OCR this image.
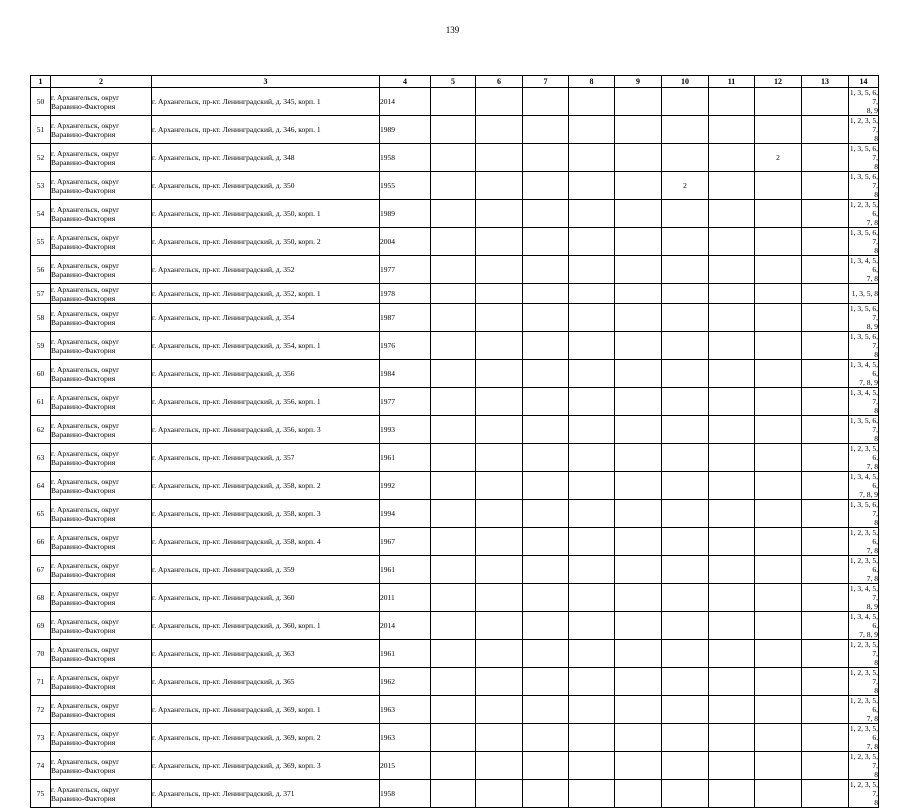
139
1	2	3	4	5	6	7	8	9	10	11	12	13	14
50	г. Архангельск, округ
Варавино-Фактория	г. Архангельск, пр-кт. Ленинградский, д. 345, корп. 1	2014										1, 3, 5, 6, 7,
8, 9

51	г. Архангельск, округ
Варавино-Фактория	г. Архангельск, пр-кт. Ленинградский, д. 346, корп. 1	1989										1, 2, 3, 5, 7,
8

52	г. Архангельск, округ
Варавино-Фактория	г. Архангельск, пр-кт. Ленинградский, д. 348	1958								2		1, 3, 5, 6, 7,
8

53	г. Архангельск, округ
Варавино-Фактория	г. Архангельск, пр-кт. Ленинградский, д. 350	1955						2				1, 3, 5, 6, 7,
8

54	г. Архангельск, округ
Варавино-Фактория	г. Архангельск, пр-кт. Ленинградский, д. 350, корп. 1	1989										1, 2, 3, 5, 6,
7, 8

55	г. Архангельск, округ
Варавино-Фактория	г. Архангельск, пр-кт. Ленинградский, д. 350, корп. 2	2004										1, 3, 5, 6, 7,
8

56	г. Архангельск, округ
Варавино-Фактория	г. Архангельск, пр-кт. Ленинградский, д. 352	1977										1, 3, 4, 5, 6,
7, 8

57	г. Архангельск, округ
Варавино-Фактория	г. Архангельск, пр-кт. Ленинградский, д. 352, корп. 1	1978										1, 3, 5, 8

58	г. Архангельск, округ
Варавино-Фактория	г. Архангельск, пр-кт. Ленинградский, д. 354	1987										1, 3, 5, 6, 7,
8, 9

59	г. Архангельск, округ
Варавино-Фактория	г. Архангельск, пр-кт. Ленинградский, д. 354, корп. 1	1976										1, 3, 5, 6, 7,
8

60	г. Архангельск, округ
Варавино-Фактория	г. Архангельск, пр-кт. Ленинградский, д. 356	1984										1, 3, 4, 5, 6,
7, 8, 9

61	г. Архангельск, округ
Варавино-Фактория	г. Архангельск, пр-кт. Ленинградский, д. 356, корп. 1	1977										1, 3, 4, 5, 7,
8

62	г. Архангельск, округ
Варавино-Фактория	г. Архангельск, пр-кт. Ленинградский, д. 356, корп. 3	1993										1, 3, 5, 6, 7,
8

63	г. Архангельск, округ
Варавино-Фактория	г. Архангельск, пр-кт. Ленинградский, д. 357	1961										1, 2, 3, 5, 6,
7, 8

64	г. Архангельск, округ
Варавино-Фактория	г. Архангельск, пр-кт. Ленинградский, д. 358, корп. 2	1992										1, 3, 4, 5, 6,
7, 8, 9

65	г. Архангельск, округ
Варавино-Фактория	г. Архангельск, пр-кт. Ленинградский, д. 358, корп. 3	1994										1, 3, 5, 6, 7,
8

66	г. Архангельск, округ
Варавино-Фактория	г. Архангельск, пр-кт. Ленинградский, д. 358, корп. 4	1967										1, 2, 3, 5, 6,
7, 8

67	г. Архангельск, округ
Варавино-Фактория	г. Архангельск, пр-кт. Ленинградский, д. 359	1961										1, 2, 3, 5, 6,
7, 8

68	г. Архангельск, округ
Варавино-Фактория	г. Архангельск, пр-кт. Ленинградский, д. 360	2011										1, 3, 4, 5, 7,
8, 9

69	г. Архангельск, округ
Варавино-Фактория	г. Архангельск, пр-кт. Ленинградский, д. 360, корп. 1	2014										1, 3, 4, 5, 6,
7, 8, 9

70	г. Архангельск, округ
Варавино-Фактория	г. Архангельск, пр-кт. Ленинградский, д. 363	1961										1, 2, 3, 5, 7,
8

71	г. Архангельск, округ
Варавино-Фактория	г. Архангельск, пр-кт. Ленинградский, д. 365	1962										1, 2, 3, 5, 7,
8

72	г. Архангельск, округ
Варавино-Фактория	г. Архангельск, пр-кт. Ленинградский, д. 369, корп. 1	1963										1, 2, 3, 5, 6,
7, 8

73	г. Архангельск, округ
Варавино-Фактория	г. Архангельск, пр-кт. Ленинградский, д. 369, корп. 2	1963										1, 2, 3, 5, 6,
7, 8

74	г. Архангельск, округ
Варавино-Фактория	г. Архангельск, пр-кт. Ленинградский, д. 369, корп. 3	2015										1, 2, 3, 5, 7,
8

75	г. Архангельск, округ
Варавино-Фактория	г. Архангельск, пр-кт. Ленинградский, д. 371	1958										1, 2, 3, 5, 7,
8
